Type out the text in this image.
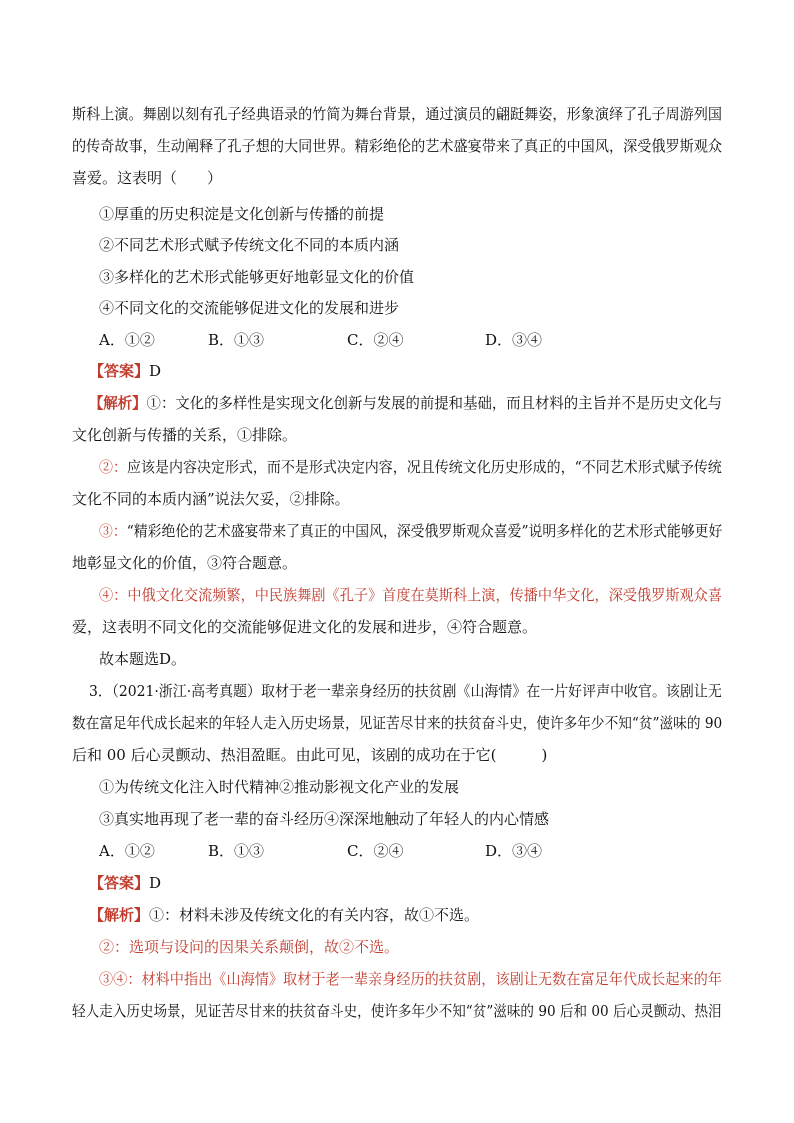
斯科上演。舞剧以刻有孔子经典语录的竹简为舞台背景，通过演员的翩跹舞姿，形象演绎了孔子周游列国
的传奇故事，生动阐释了孔子想的大同世界。精彩绝伦的艺术盛宴带来了真正的中国风，深受俄罗斯观众
喜爱。这表明（　　）
①厚重的历史积淀是文化创新与传播的前提
②不同艺术形式赋予传统文化不同的本质内涵
③多样化的艺术形式能够更好地彰显文化的价值
④不同文化的交流能够促进文化的发展和进步
A．①②	B．①③	C．②④	D．③④
【答案】D
【解析】①：文化的多样性是实现文化创新与发展的前提和基础，而且材料的主旨并不是历史文化与
文化创新与传播的关系，①排除。
②：应该是内容决定形式，而不是形式决定内容，况且传统文化历史形成的，“不同艺术形式赋予传统
文化不同的本质内涵”说法欠妥，②排除。
③：“精彩绝伦的艺术盛宴带来了真正的中国风，深受俄罗斯观众喜爱”说明多样化的艺术形式能够更好
地彰显文化的价值，③符合题意。
④：中俄文化交流频繁，中民族舞剧《孔子》首度在莫斯科上演，传播中华文化，深受俄罗斯观众喜
爱，这表明不同文化的交流能够促进文化的发展和进步，④符合题意。
故本题选D。
3．（2021·浙江·高考真题）取材于老一辈亲身经历的扶贫剧《山海情》在一片好评声中收官。该剧让无
数在富足年代成长起来的年轻人走入历史场景，见证苦尽甘来的扶贫奋斗史，使许多年少不知“贫”滋味的 90
后和 00 后心灵颤动、热泪盈眶。由此可见，该剧的成功在于它(　　　)
①为传统文化注入时代精神②推动影视文化产业的发展
③真实地再现了老一辈的奋斗经历④深深地触动了年轻人的内心情感
A．①②	B．①③	C．②④	D．③④
【答案】D
【解析】①：材料未涉及传统文化的有关内容，故①不选。
②：选项与设问的因果关系颠倒，故②不选。
③④：材料中指出《山海情》取材于老一辈亲身经历的扶贫剧，该剧让无数在富足年代成长起来的年
轻人走入历史场景，见证苦尽甘来的扶贫奋斗史，使许多年少不知“贫”滋味的 90 后和 00 后心灵颤动、热泪
